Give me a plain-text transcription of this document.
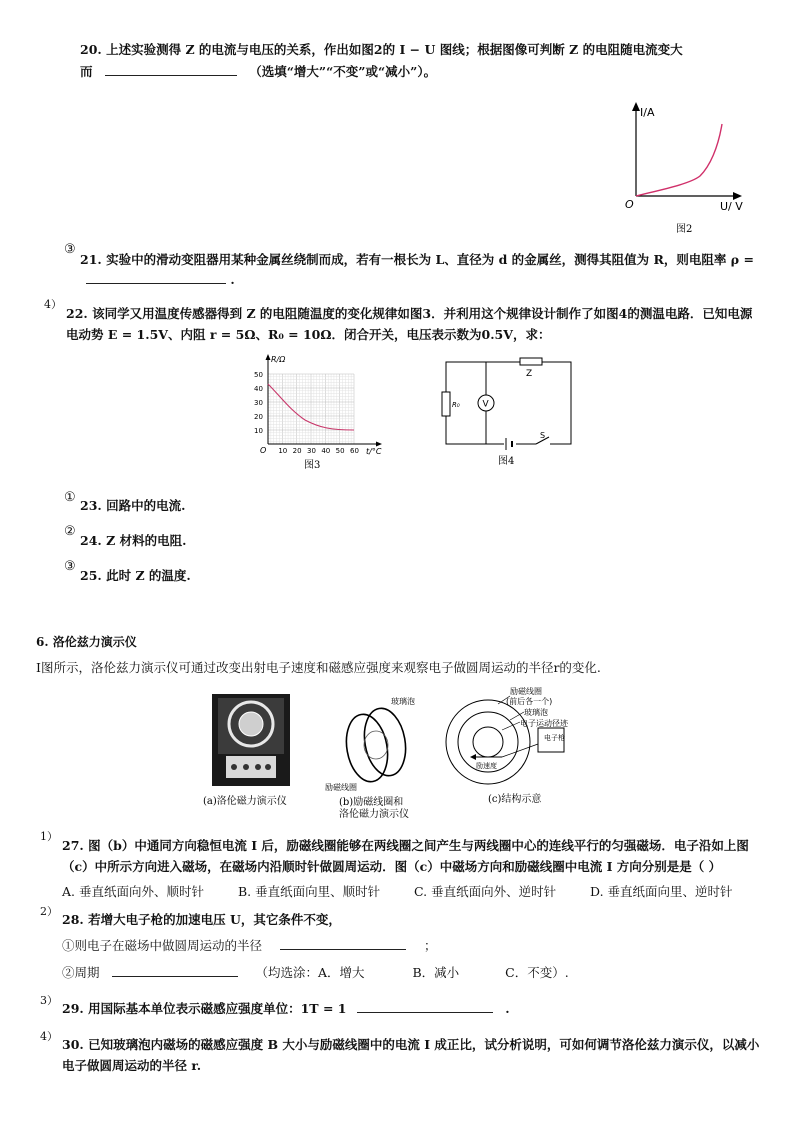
20. 上述实验测得 Z 的电流与电压的关系，作出如图2的 I − U 图线；根据图像可判断 Z 的电阻随电流变大
而	（选填“增大”“不变”或“减小”）。
I/A
O	U/ V
图2
③
21. 实验中的滑动变阻器用某种金属丝绕制而成，若有一根长为 L、直径为 d 的金属丝，测得其阻值为 R，则电阻率 ρ =
.
4）
22. 该同学又用温度传感器得到 Z 的电阻随温度的变化规律如图3．并利用这个规律设计制作了如图4的测温电路．已知电源
电动势 E = 1.5V、内阻 r = 5Ω、R₀ = 10Ω．闭合开关，电压表示数为0.5V，求：
R/Ω
O
10
20
30
40
50
10 20 30 40 50 60 t/°C
图3
Z
R₀	V
S
图4
①
23. 回路中的电流.
②
24. Z 材料的电阻.
③
25. 此时 Z 的温度.
6. 洛伦兹力演示仪
Ⅰ图所示，洛伦兹力演示仪可通过改变出射电子速度和磁感应强度来观察电子做圆周运动的半径r的变化.
(a)洛伦磁力演示仪
玻璃泡
励磁线圈
(b)励磁线圈和
洛伦磁力演示仪
励磁线圈
(前后各一个)
玻璃泡
电子运动径迹
电子枪
励速度
(c)结构示意
1）
27. 图（b）中通同方向稳恒电流 I 后，励磁线圈能够在两线圈之间产生与两线圈中心的连线平行的匀强磁场．电子沿如上图
（c）中所示方向进入磁场，在磁场内沿顺时针做圆周运动．图（c）中磁场方向和励磁线圈中电流 I 方向分别是是（ ）
A. 垂直纸面向外、顺时针	B. 垂直纸面向里、顺时针	C. 垂直纸面向外、逆时针	D. 垂直纸面向里、逆时针
2）
28. 若增大电子枪的加速电压 U，其它条件不变，
①则电子在磁场中做圆周运动的半径	；
②周期	（均选涂：A．增大	B．减小	C．不变）.
3）
29. 用国际基本单位表示磁感应强度单位：1T = 1	.
4）
30. 已知玻璃泡内磁场的磁感应强度 B 大小与励磁线圈中的电流 I 成正比，试分析说明，可如何调节洛伦兹力演示仪，以减小
电子做圆周运动的半径 r.
